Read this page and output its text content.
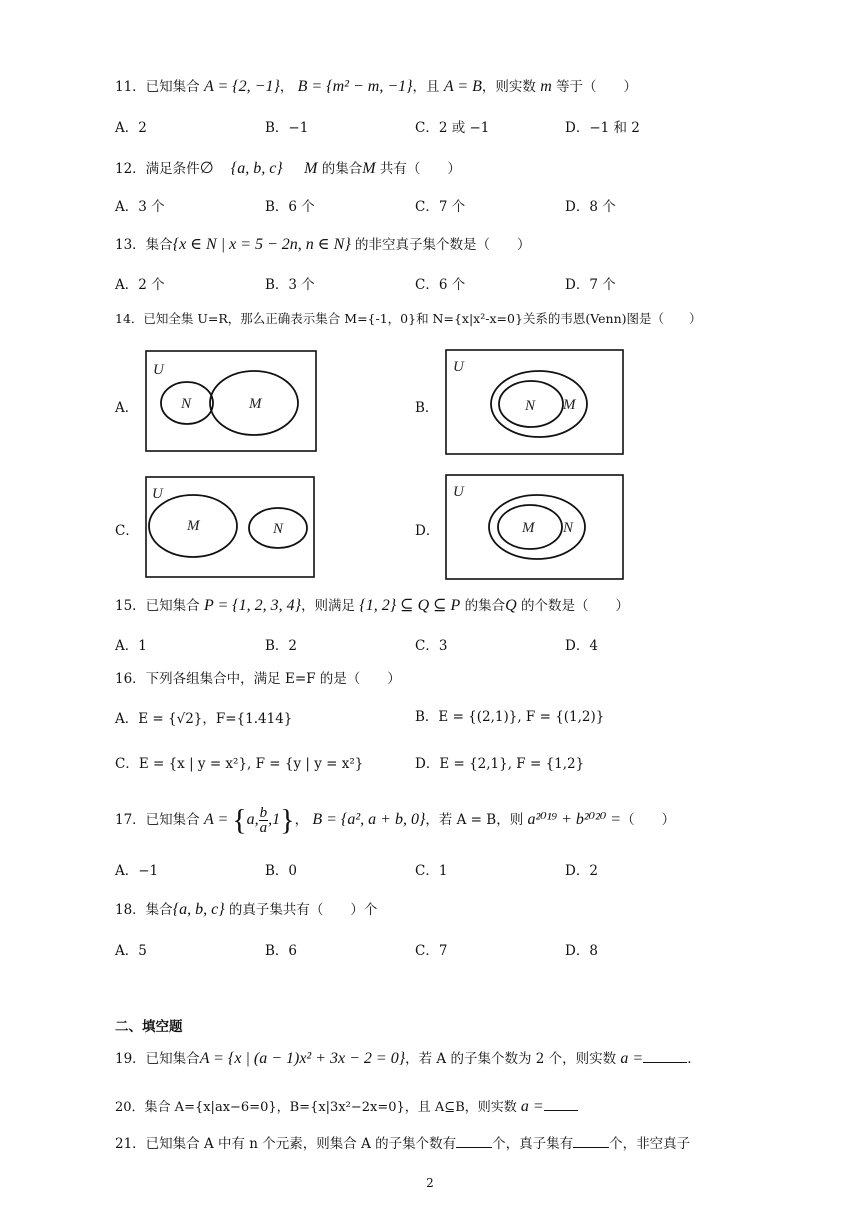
11．已知集合 A = {2, −1}， B = {m² − m, −1}，且 A = B，则实数 m 等于（　　）
A．2	B．−1	C．2 或 −1	D．−1 和 2
12．满足条件∅ {a, b, c} M 的集合M 共有（　　）
A．3 个	B．6 个	C．7 个	D．8 个
13．集合{x ∈ N | x = 5 − 2n, n ∈ N} 的非空真子集个数是（　　）
A．2 个	B．3 个	C．6 个	D．7 个
14．已知全集 U=R，那么正确表示集合 M={-1，0}和 N={x|x²-x=0}关系的韦恩(Venn)图是（　　）
A．
U
N	M	B．
U
N M
C．
U
M	N	D．
U
M N
15．已知集合 P = {1, 2, 3, 4}，则满足 {1, 2} ⊆ Q ⊆ P 的集合Q 的个数是（　　）
A．1	B．2	C．3	D．4
16．下列各组集合中，满足 E=F 的是（　　）
A．E = {√2}，F={1.414}	B．E = {(2,1)}, F = {(1,2)}
C．E = {x | y = x²}, F = {y | y = x²}	D．E = {2,1}, F = {1,2}
17．已知集合 A = {a, $\frac{b}{a} ,1$}， B = {a², a + b, 0}，若 A = B，则 a²⁰¹⁹ + b²⁰²⁰ =（　　）
A．−1	B．0	C．1	D．2
18．集合{a, b, c} 的真子集共有（　　）个
A．5	B．6	C．7	D．8
二、填空题
19．已知集合A = {x | (a − 1)x² + 3x − 2 = 0}，若 A 的子集个数为 2 个，则实数 a =	.
20．集合 A={x|ax−6=0}，B={x|3x²−2x=0}，且 A⊆B，则实数 a =
21．已知集合 A 中有 n 个元素，则集合 A 的子集个数有	个，真子集有	个，非空真子
2
